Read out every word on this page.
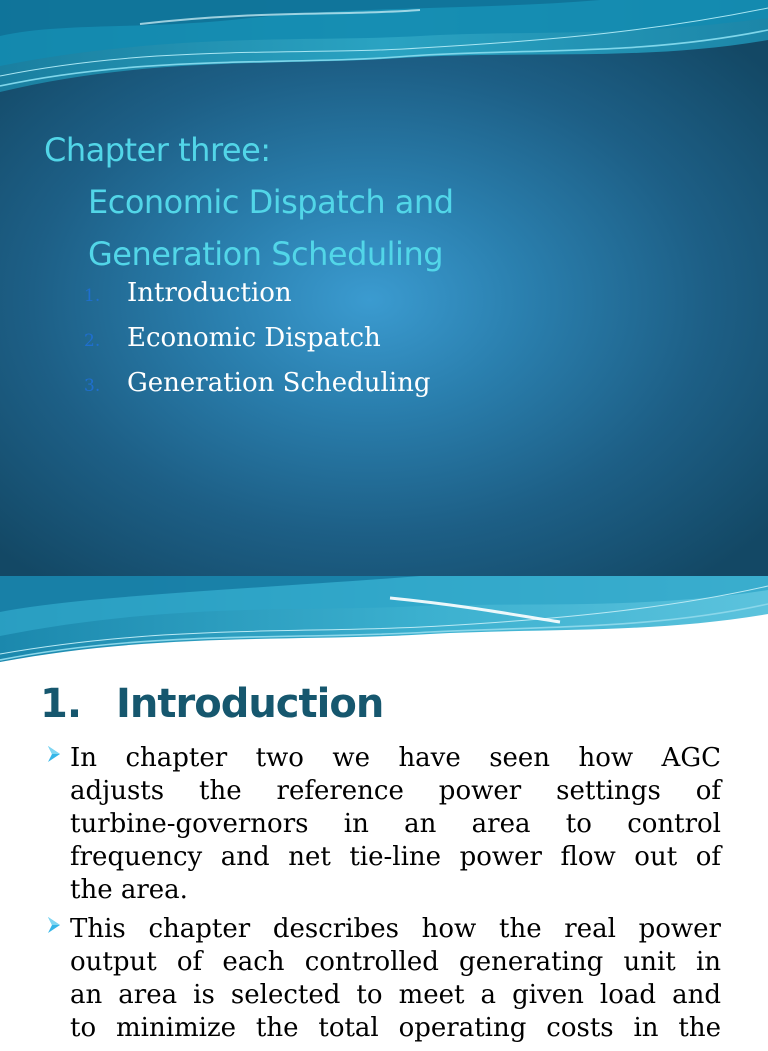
Chapter three:
Economic Dispatch and
Generation Scheduling
1.	Introduction
2.	Economic Dispatch
3.	Generation Scheduling
1. Introduction
In chapter two we have seen how AGC
adjusts the reference power settings of
turbine-governors in an area to control
frequency and net tie-line power flow out of
the area.
This chapter describes how the real power
output of each controlled generating unit in
an area is selected to meet a given load and
to minimize the total operating costs in the
